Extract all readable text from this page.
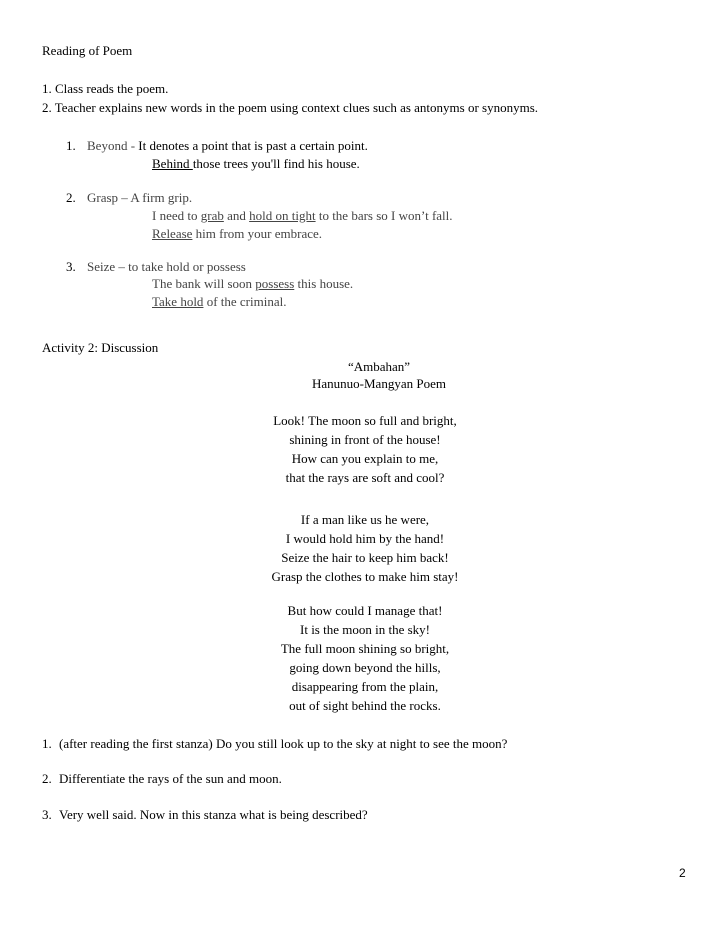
Reading of Poem
1. Class reads the poem.
2. Teacher explains new words in the poem using context clues such as antonyms or synonyms.
1. Beyond - It denotes a point that is past a certain point.
Behind those trees you'll find his house.
2. Grasp – A firm grip.
I need to grab and hold on tight to the bars so I won’t fall.
Release him from your embrace.
3. Seize – to take hold or possess
The bank will soon possess this house.
Take hold of the criminal.
Activity 2: Discussion
“Ambahan”
Hanunuo-Mangyan Poem
Look! The moon so full and bright,
shining in front of the house!
How can you explain to me,
that the rays are soft and cool?
If a man like us he were,
I would hold him by the hand!
Seize the hair to keep him back!
Grasp the clothes to make him stay!
But how could I manage that!
It is the moon in the sky!
The full moon shining so bright,
going down beyond the hills,
disappearing from the plain,
out of sight behind the rocks.
1. (after reading the first stanza) Do you still look up to the sky at night to see the moon?
2. Differentiate the rays of the sun and moon.
3. Very well said. Now in this stanza what is being described?
2
